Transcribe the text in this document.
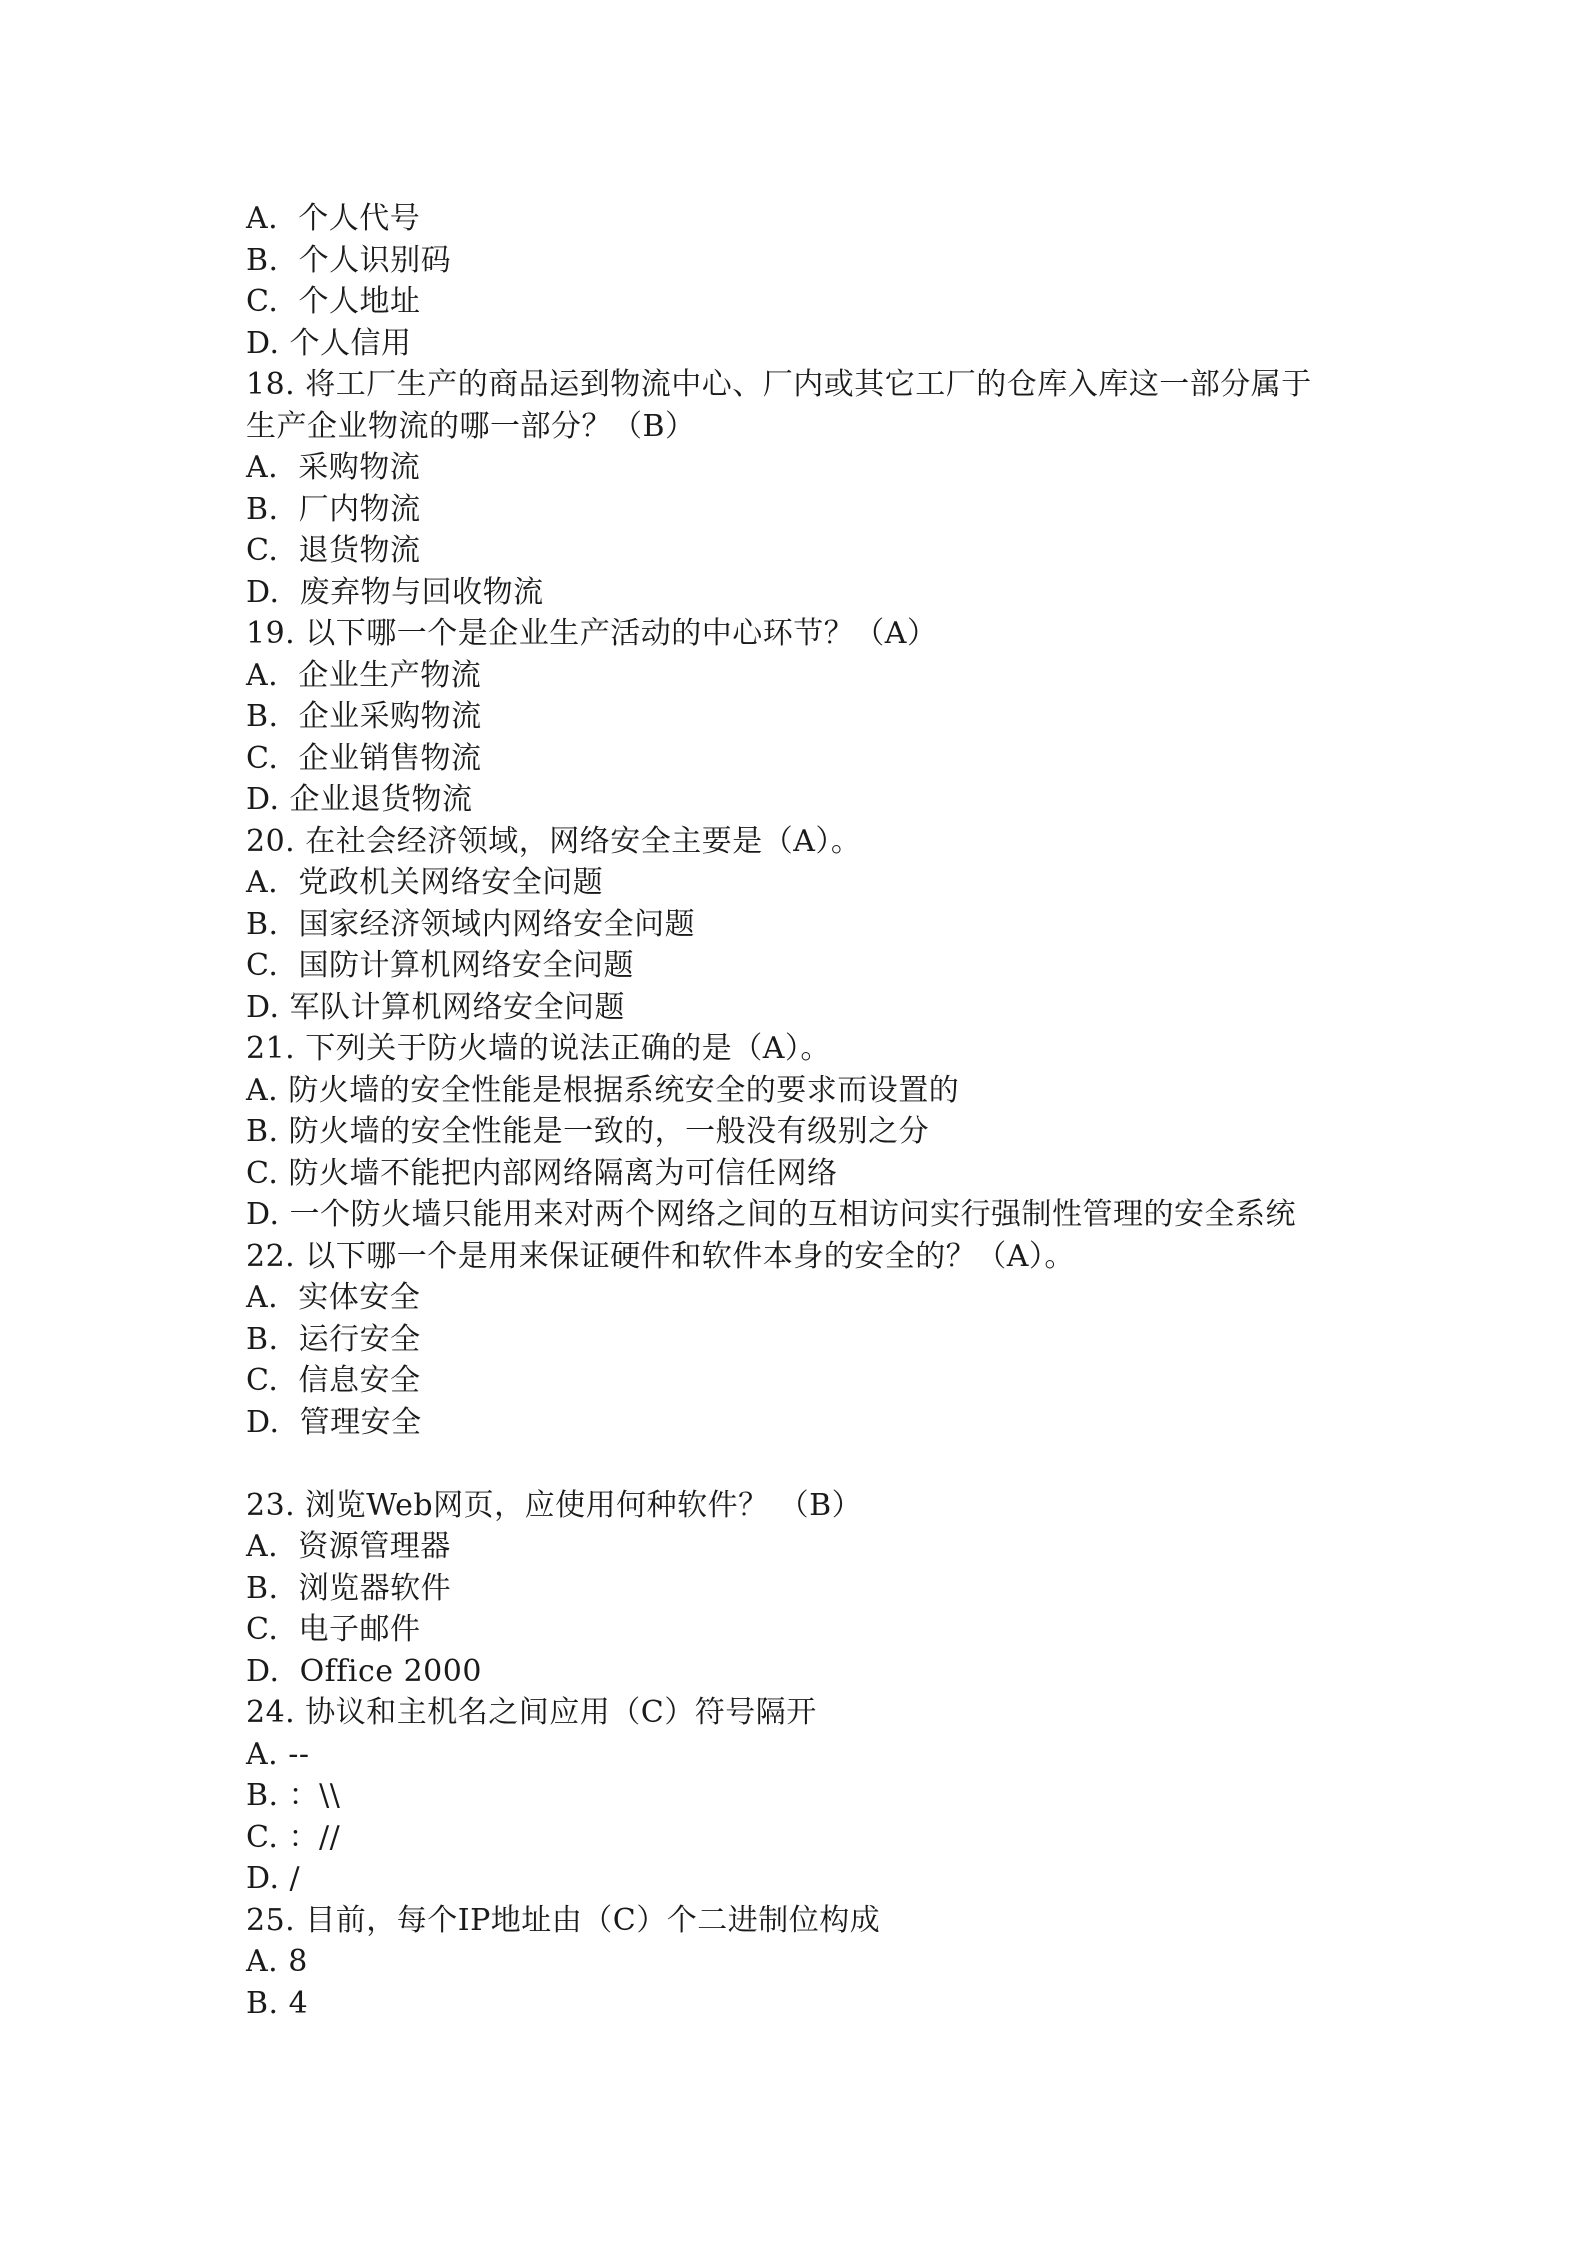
A.  个人代号
B.  个人识别码
C.  个人地址
D. 个人信用
18. 将工厂生产的商品运到物流中心、厂内或其它工厂的仓库入库这一部分属于
生产企业物流的哪一部分？（B）
A.  采购物流
B.  厂内物流
C.  退货物流
D.  废弃物与回收物流
19. 以下哪一个是企业生产活动的中心环节？（A）
A.  企业生产物流
B.  企业采购物流
C.  企业销售物流
D. 企业退货物流
20. 在社会经济领域，网络安全主要是（A）。
A.  党政机关网络安全问题
B.  国家经济领域内网络安全问题
C.  国防计算机网络安全问题
D. 军队计算机网络安全问题
21. 下列关于防火墙的说法正确的是（A）。
A. 防火墙的安全性能是根据系统安全的要求而设置的
B. 防火墙的安全性能是一致的，一般没有级别之分
C. 防火墙不能把内部网络隔离为可信任网络
D. 一个防火墙只能用来对两个网络之间的互相访问实行强制性管理的安全系统
22. 以下哪一个是用来保证硬件和软件本身的安全的？（A）。
A.  实体安全
B.  运行安全
C.  信息安全
D.  管理安全
23. 浏览Web网页，应使用何种软件？ （B）
A.  资源管理器
B.  浏览器软件
C.  电子邮件
D.  Office 2000
24. 协议和主机名之间应用（C）符号隔开
A. --
B. ：\\
C. ：//
D. /
25. 目前，每个IP地址由（C）个二进制位构成
A. 8
B. 4
